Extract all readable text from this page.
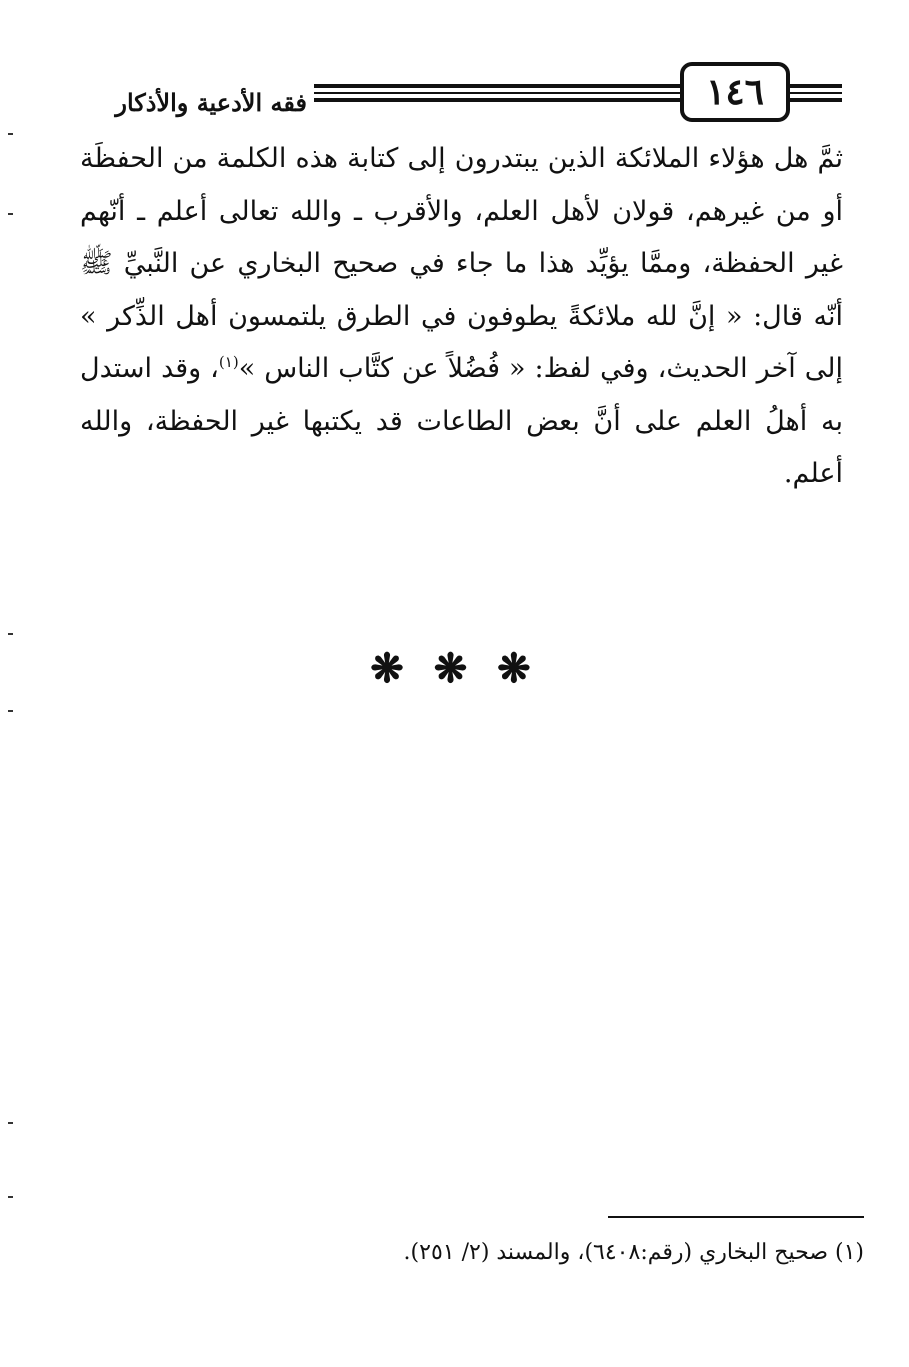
١٤٦
فقه الأدعية والأذكار

ثمَّ هل هؤلاء الملائكة الذين يبتدرون إلى كتابة هذه الكلمة من الحفظَة أو من غيرهم، قولان لأهل العلم، والأقرب ـ والله تعالى أعلم ـ أنّهم غير الحفظة، وممَّا يؤيِّد هذا ما جاء في صحيح البخاري عن النَّبيِّ ﷺ أنّه قال: « إنَّ لله ملائكةً يطوفون في الطرق يلتمسون أهل الذِّكر » إلى آخر الحديث، وفي لفظ: « فُضُلاً عن كتَّاب الناس »$^{(١)}$، وقد استدل به أهلُ العلم على أنَّ بعض الطاعات قد يكتبها غير الحفظة، والله أعلم.

❋ ❋ ❋
(١) صحيح البخاري (رقم:٦٤٠٨)، والمسند (٢/ ٢٥١).
